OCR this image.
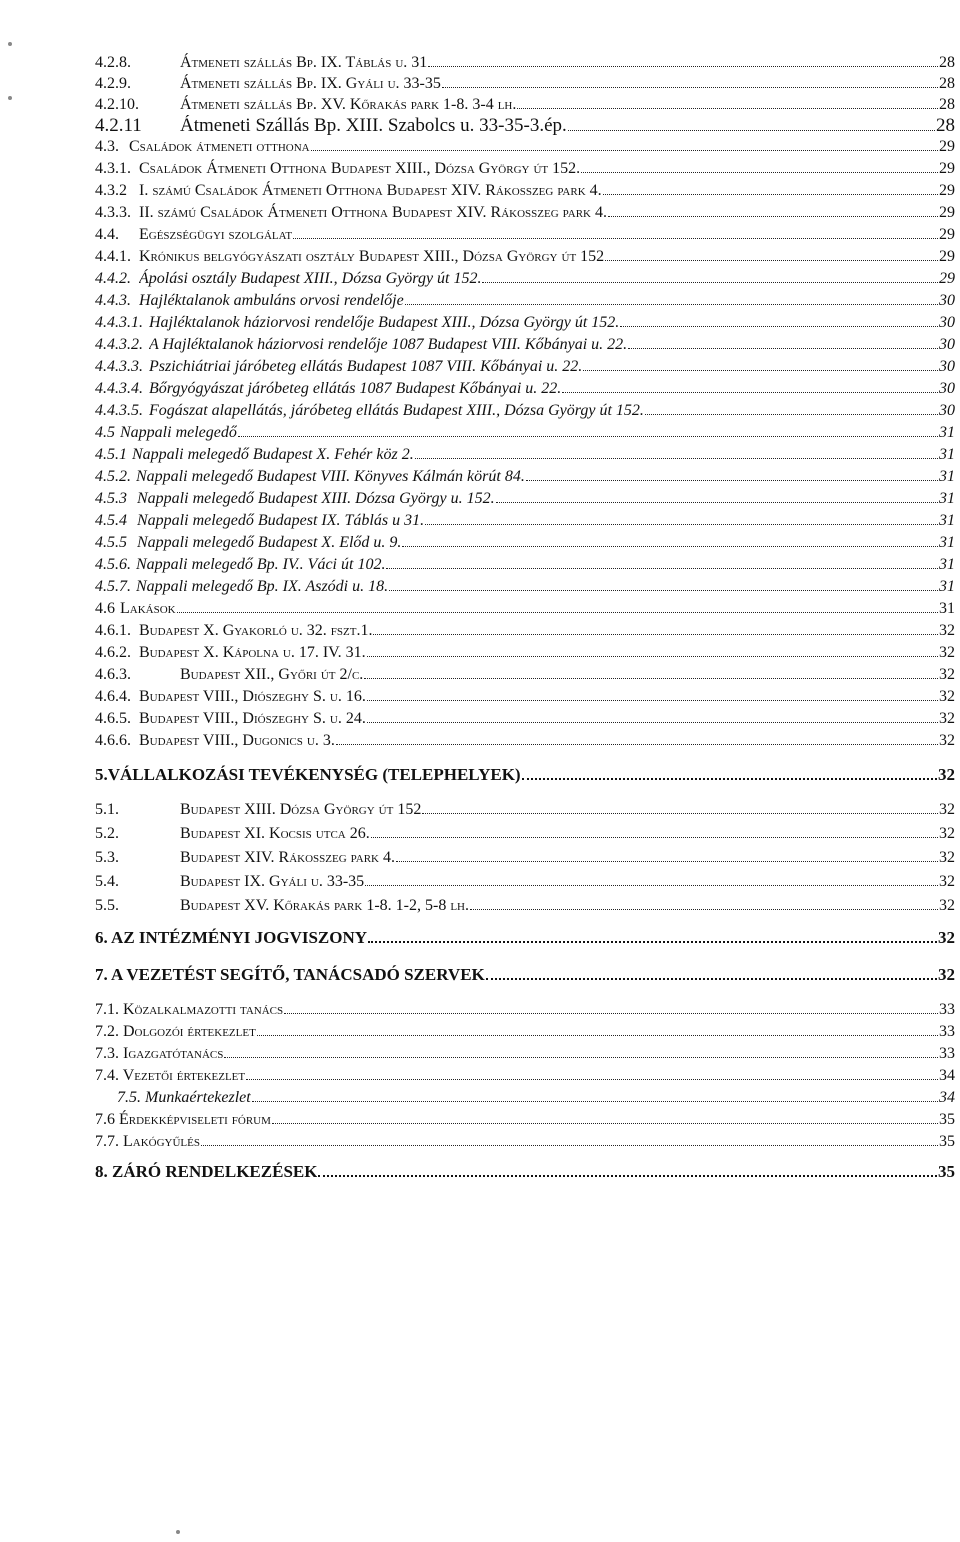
4.2.8.	Átmeneti szállás Bp. IX. Táblás u. 31	28
4.2.9.	Átmeneti szállás Bp. IX. Gyáli u. 33-35	28
4.2.10.	Átmeneti szállás Bp. XV. Kőrakás park 1-8. 3-4 lh.	28
4.2.11	Átmeneti Szállás Bp. XIII. Szabolcs u. 33-35-3.ép.	28
4.3. Családok átmeneti otthona	29
4.3.1. Családok Átmeneti Otthona Budapest XIII., Dózsa György út 152.	29
4.3.2 I. számú Családok Átmeneti Otthona Budapest XIV. Rákosszeg park 4.	29
4.3.3. II. számú Családok Átmeneti Otthona Budapest XIV. Rákosszeg park 4.	29
4.4.	Egészségügyi szolgálat	29
4.4.1. Krónikus belgyógyászati osztály Budapest XIII., Dózsa György út 152	29
4.4.2. Ápolási osztály Budapest XIII., Dózsa György út 152.	29
4.4.3. Hajléktalanok ambuláns orvosi rendelője	30
4.4.3.1. Hajléktalanok háziorvosi rendelője Budapest XIII., Dózsa György út 152.	30
4.4.3.2. A Hajléktalanok háziorvosi rendelője 1087 Budapest VIII. Kőbányai u. 22.	30
4.4.3.3. Pszichiátriai járóbeteg ellátás Budapest 1087 VIII. Kőbányai u. 22.	30
4.4.3.4. Bőrgyógyászat járóbeteg ellátás 1087 Budapest Kőbányai u. 22.	30
4.4.3.5. Fogászat alapellátás, járóbeteg ellátás Budapest XIII., Dózsa György út 152.	30
4.5 Nappali melegedő	31
4.5.1 Nappali melegedő Budapest X. Fehér köz 2.	31
4.5.2. Nappali melegedő Budapest VIII. Könyves Kálmán körút 84.	31
4.5.3 Nappali melegedő Budapest XIII. Dózsa György u. 152.	31
4.5.4 Nappali melegedő Budapest IX. Táblás u 31.	31
4.5.5 Nappali melegedő Budapest X. Előd u. 9.	31
4.5.6. Nappali melegedő Bp. IV.. Váci út 102.	31
4.5.7. Nappali melegedő Bp. IX. Aszódi u. 18.	31
4.6 Lakások	31
4.6.1. Budapest X. Gyakorló u. 32. fszt.1.	32
4.6.2. Budapest X. Kápolna u. 17. IV. 31.	32
4.6.3.	Budapest XII., Győri út 2/c.	32
4.6.4. Budapest VIII., Diószeghy S. u. 16.	32
4.6.5. Budapest VIII., Diószeghy S. u. 24.	32
4.6.6. Budapest VIII., Dugonics u. 3.	32
5.VÁLLALKOZÁSI TEVÉKENYSÉG (TELEPHELYEK)	32
5.1.	Budapest XIII. Dózsa György út 152	32
5.2.	Budapest XI. Kocsis utca 26.	32
5.3.	Budapest XIV. Rákosszeg park 4.	32
5.4.	Budapest IX. Gyáli u. 33-35	32
5.5.	Budapest XV. Kőrakás park 1-8. 1-2, 5-8 lh.	32
6. AZ INTÉZMÉNYI JOGVISZONY	32
7. A VEZETÉST SEGÍTŐ, TANÁCSADÓ SZERVEK	32
7.1. Közalkalmazotti tanács	33
7.2. Dolgozói értekezlet	33
7.3. Igazgatótanács	33
7.4. Vezetői értekezlet	34
7.5. Munkaértekezlet	34
7.6 Érdekképviseleti fórum	35
7.7. Lakógyűlés	35
8. ZÁRÓ RENDELKEZÉSEK	35
